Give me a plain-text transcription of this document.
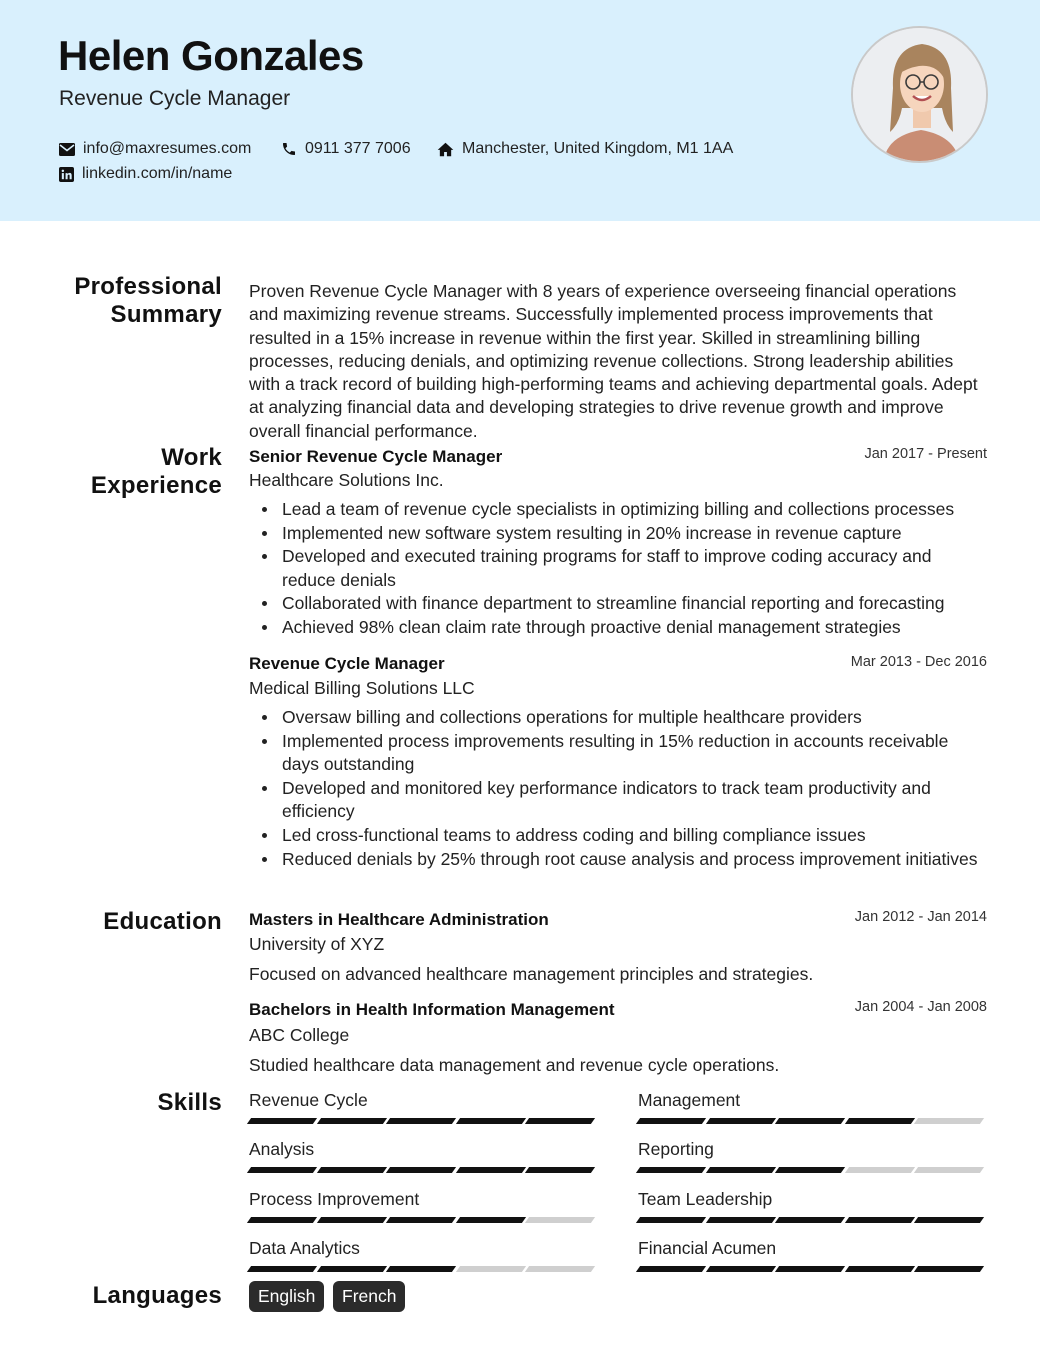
Helen Gonzales
Revenue Cycle Manager
info@maxresumes.com	0911 377 7006	Manchester, United Kingdom, M1 1AA
linkedin.com/in/name
Professional Summary
Proven Revenue Cycle Manager with 8 years of experience overseeing financial operations and maximizing revenue streams. Successfully implemented process improvements that resulted in a 15% increase in revenue within the first year. Skilled in streamlining billing processes, reducing denials, and optimizing revenue collections. Strong leadership abilities with a track record of building high-performing teams and achieving departmental goals. Adept at analyzing financial data and developing strategies to drive revenue growth and improve overall financial performance.
Work Experience
Senior Revenue Cycle Manager	Jan 2017 - Present
Healthcare Solutions Inc.
Lead a team of revenue cycle specialists in optimizing billing and collections processes
Implemented new software system resulting in 20% increase in revenue capture
Developed and executed training programs for staff to improve coding accuracy and reduce denials
Collaborated with finance department to streamline financial reporting and forecasting
Achieved 98% clean claim rate through proactive denial management strategies
Revenue Cycle Manager	Mar 2013 - Dec 2016
Medical Billing Solutions LLC
Oversaw billing and collections operations for multiple healthcare providers
Implemented process improvements resulting in 15% reduction in accounts receivable days outstanding
Developed and monitored key performance indicators to track team productivity and efficiency
Led cross-functional teams to address coding and billing compliance issues
Reduced denials by 25% through root cause analysis and process improvement initiatives
Education Masters in Healthcare Administration	Jan 2012 - Jan 2014
University of XYZ
Focused on advanced healthcare management principles and strategies.
Bachelors in Health Information Management	Jan 2004 - Jan 2008
ABC College
Studied healthcare data management and revenue cycle operations.
Skills Revenue Cycle	Management
Analysis	Reporting
Process Improvement	Team Leadership
Data Analytics	Financial Acumen
Languages	English	French
